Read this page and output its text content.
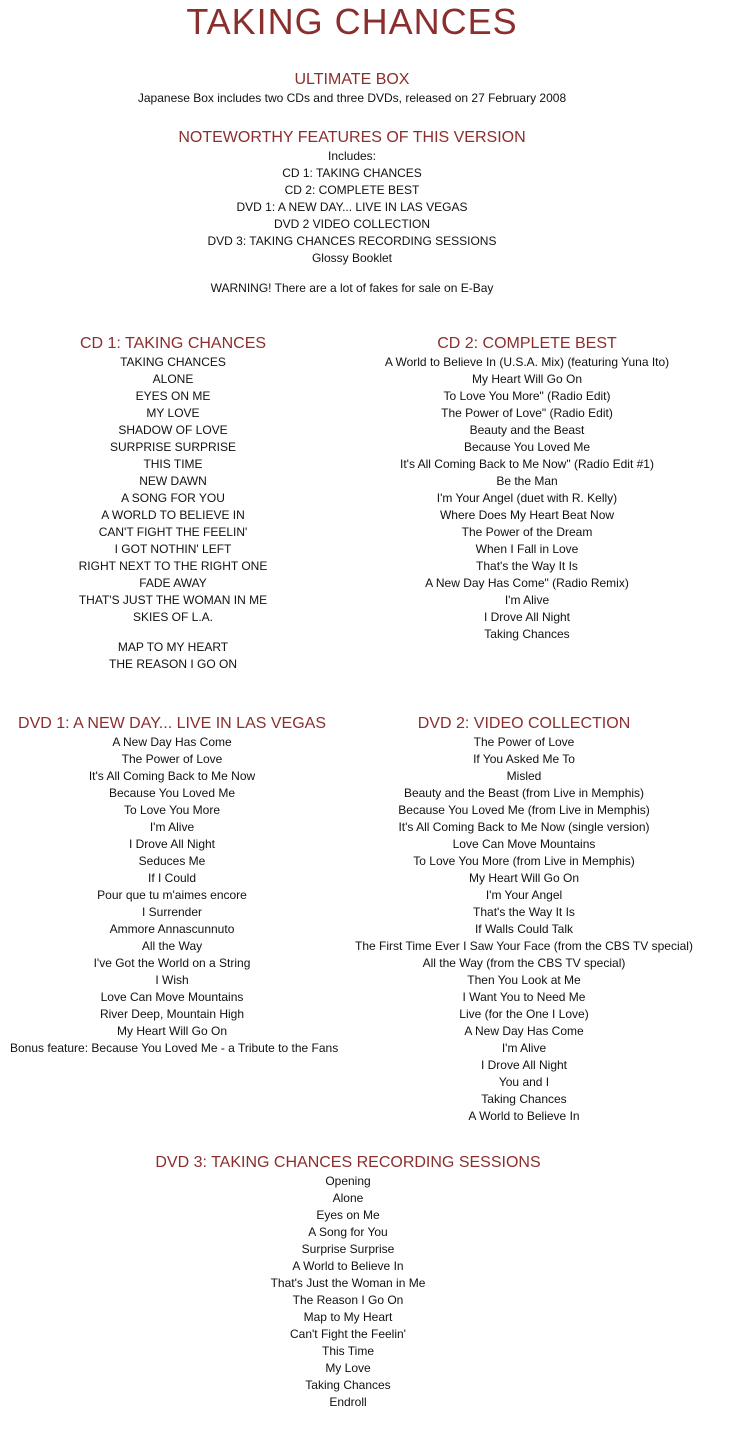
TAKING CHANCES
ULTIMATE BOX

Japanese Box includes two CDs and three DVDs, released on 27 February 2008

NOTEWORTHY FEATURES OF THIS VERSION

Includes:

CD 1: TAKING CHANCES
CD 2: COMPLETE BEST
DVD 1: A NEW DAY... LIVE IN LAS VEGAS
DVD 2 VIDEO COLLECTION
DVD 3: TAKING CHANCES RECORDING SESSIONS
Glossy Booklet

WARNING! There are a lot of fakes for sale on E-Bay

CD 1: TAKING CHANCES
TAKING CHANCES
ALONE
EYES ON ME
MY LOVE
SHADOW OF LOVE
SURPRISE SURPRISE
THIS TIME
NEW DAWN
A SONG FOR YOU
A WORLD TO BELIEVE IN
CAN'T FIGHT THE FEELIN'
I GOT NOTHIN' LEFT
RIGHT NEXT TO THE RIGHT ONE
FADE AWAY
THAT'S JUST THE WOMAN IN ME
SKIES OF L.A.
MAP TO MY HEART
THE REASON I GO ON
CD 2: COMPLETE BEST
A World to Believe In (U.S.A. Mix) (featuring Yuna Ito)
My Heart Will Go On
To Love You More" (Radio Edit)
The Power of Love" (Radio Edit)
Beauty and the Beast
Because You Loved Me
It's All Coming Back to Me Now" (Radio Edit #1)
Be the Man
I'm Your Angel (duet with R. Kelly)
Where Does My Heart Beat Now
The Power of the Dream
When I Fall in Love
That's the Way It Is
A New Day Has Come" (Radio Remix)
I'm Alive
I Drove All Night
Taking Chances
DVD 1: A NEW DAY... LIVE IN LAS VEGAS
A New Day Has Come
The Power of Love
It's All Coming Back to Me Now
Because You Loved Me
To Love You More
I'm Alive
I Drove All Night
Seduces Me
If I Could
Pour que tu m'aimes encore
I Surrender
Ammore Annascunnuto
All the Way
I've Got the World on a String
I Wish
Love Can Move Mountains
River Deep, Mountain High
My Heart Will Go On
Bonus feature: Because You Loved Me - a Tribute to the Fans
DVD 2: VIDEO COLLECTION
The Power of Love
If You Asked Me To
Misled
Beauty and the Beast (from Live in Memphis)
Because You Loved Me (from Live in Memphis)
It's All Coming Back to Me Now (single version)
Love Can Move Mountains
To Love You More (from Live in Memphis)
My Heart Will Go On
I'm Your Angel
That's the Way It Is
If Walls Could Talk
The First Time Ever I Saw Your Face (from the CBS TV special)
All the Way (from the CBS TV special)
Then You Look at Me
I Want You to Need Me
Live (for the One I Love)
A New Day Has Come
I'm Alive
I Drove All Night
You and I
Taking Chances
A World to Believe In
DVD 3: TAKING CHANCES RECORDING SESSIONS
Opening
Alone
Eyes on Me
A Song for You
Surprise Surprise
A World to Believe In
That's Just the Woman in Me
The Reason I Go On
Map to My Heart
Can't Fight the Feelin'
This Time
My Love
Taking Chances
Endroll
